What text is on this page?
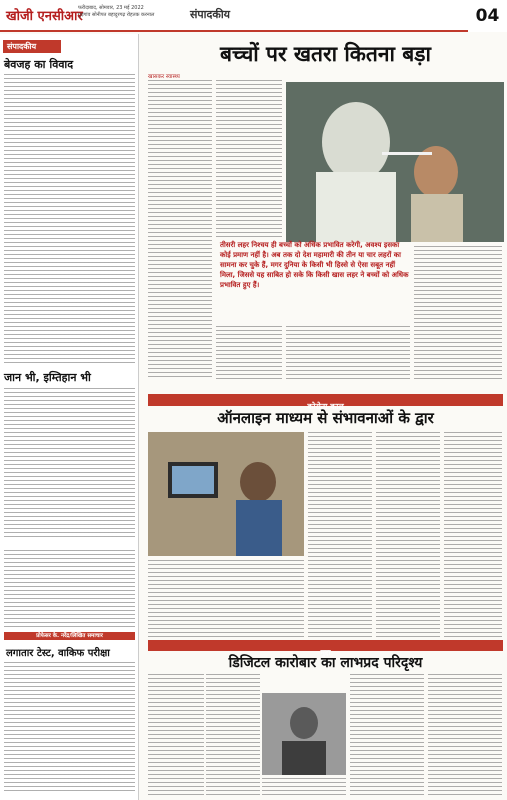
खोजी एनसीआर
फरीदाबाद, सोमवार, 23 मई 2022
गुड़गांव सोनीपत बहादुरगढ़ रोहतक करनाल	संपादकीय	04
संपादकीय
बेवजह का विवाद
जान भी, इम्तिहान भी
प्रोफेसर के. नरेंद्र/लिखित समाचार
लगातार टेस्ट, वाकिफ परीक्षा
बच्चों पर खतरा कितना बड़ा
खासकर स्वास्थ्य
तीसरी लहर निश्चय ही बच्चों को अधिक प्रभावित करेगी, अवश्य इसका कोई प्रमाण नहीं है। अब तक दो देश महामारी की तीन या चार लहरों का सामना कर चुके हैं, मगर दुनिया के किसी भी हिस्से से ऐसा सबूत नहीं मिला, जिससे यह साबित हो सके कि किसी खास लहर ने बच्चों को अधिक प्रभावित हुए हैं।
कोरोना काल
ऑनलाइन माध्यम से संभावनाओं के द्वार
मुद्दा
डिजिटल कारोबार का लाभप्रद परिदृश्य
